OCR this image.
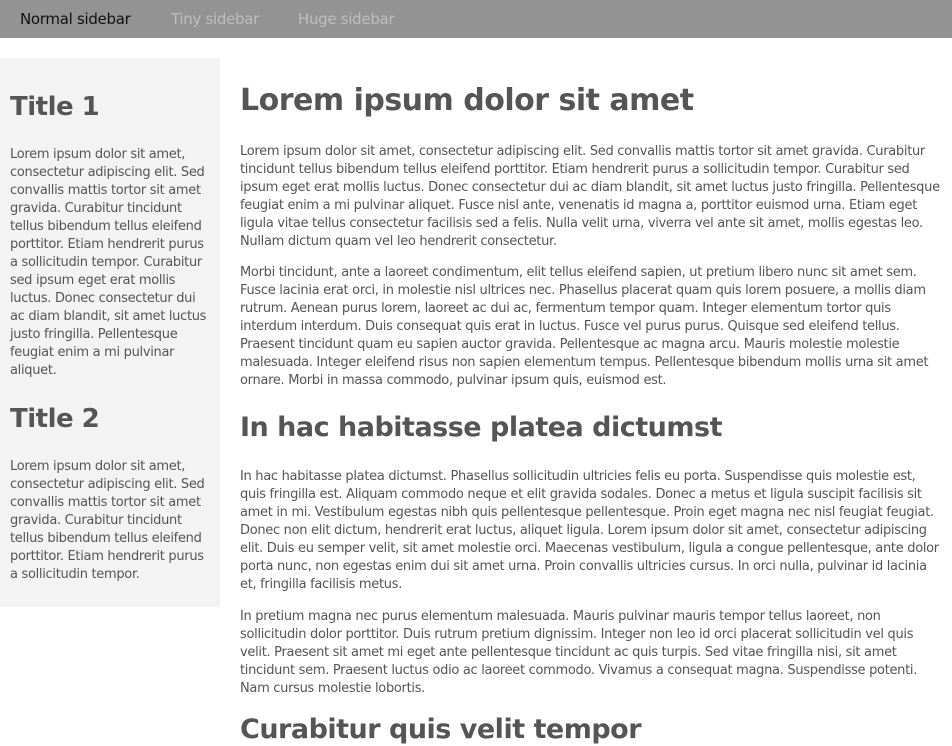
Normal sidebar	Tiny sidebar	Huge sidebar
Title 1

Lorem ipsum dolor sit amet, consectetur adipiscing elit. Sed convallis mattis tortor sit amet gravida. Curabitur tincidunt tellus bibendum tellus eleifend porttitor. Etiam hendrerit purus a sollicitudin tempor. Curabitur sed ipsum eget erat mollis luctus. Donec consectetur dui ac diam blandit, sit amet luctus justo fringilla. Pellentesque feugiat enim a mi pulvinar aliquet.

Title 2

Lorem ipsum dolor sit amet, consectetur adipiscing elit. Sed convallis mattis tortor sit amet gravida. Curabitur tincidunt tellus bibendum tellus eleifend porttitor. Etiam hendrerit purus a sollicitudin tempor.

Lorem ipsum dolor sit amet

Lorem ipsum dolor sit amet, consectetur adipiscing elit. Sed convallis mattis tortor sit amet gravida. Curabitur tincidunt tellus bibendum tellus eleifend porttitor. Etiam hendrerit purus a sollicitudin tempor. Curabitur sed ipsum eget erat mollis luctus. Donec consectetur dui ac diam blandit, sit amet luctus justo fringilla. Pellentesque feugiat enim a mi pulvinar aliquet. Fusce nisl ante, venenatis id magna a, porttitor euismod urna. Etiam eget ligula vitae tellus consectetur facilisis sed a felis. Nulla velit urna, viverra vel ante sit amet, mollis egestas leo. Nullam dictum quam vel leo hendrerit consectetur.

Morbi tincidunt, ante a laoreet condimentum, elit tellus eleifend sapien, ut pretium libero nunc sit amet sem. Fusce lacinia erat orci, in molestie nisl ultrices nec. Phasellus placerat quam quis lorem posuere, a mollis diam rutrum. Aenean purus lorem, laoreet ac dui ac, fermentum tempor quam. Integer elementum tortor quis interdum interdum. Duis consequat quis erat in luctus. Fusce vel purus purus. Quisque sed eleifend tellus. Praesent tincidunt quam eu sapien auctor gravida. Pellentesque ac magna arcu. Mauris molestie molestie malesuada. Integer eleifend risus non sapien elementum tempus. Pellentesque bibendum mollis urna sit amet ornare. Morbi in massa commodo, pulvinar ipsum quis, euismod est.

In hac habitasse platea dictumst

In hac habitasse platea dictumst. Phasellus sollicitudin ultricies felis eu porta. Suspendisse quis molestie est, quis fringilla est. Aliquam commodo neque et elit gravida sodales. Donec a metus et ligula suscipit facilisis sit amet in mi. Vestibulum egestas nibh quis pellentesque pellentesque. Proin eget magna nec nisl feugiat feugiat. Donec non elit dictum, hendrerit erat luctus, aliquet ligula. Lorem ipsum dolor sit amet, consectetur adipiscing elit. Duis eu semper velit, sit amet molestie orci. Maecenas vestibulum, ligula a congue pellentesque, ante dolor porta nunc, non egestas enim dui sit amet urna. Proin convallis ultricies cursus. In orci nulla, pulvinar id lacinia et, fringilla facilisis metus.

In pretium magna nec purus elementum malesuada. Mauris pulvinar mauris tempor tellus laoreet, non sollicitudin dolor porttitor. Duis rutrum pretium dignissim. Integer non leo id orci placerat sollicitudin vel quis velit. Praesent sit amet mi eget ante pellentesque tincidunt ac quis turpis. Sed vitae fringilla nisi, sit amet tincidunt sem. Praesent luctus odio ac laoreet commodo. Vivamus a consequat magna. Suspendisse potenti. Nam cursus molestie lobortis.

Curabitur quis velit tempor
